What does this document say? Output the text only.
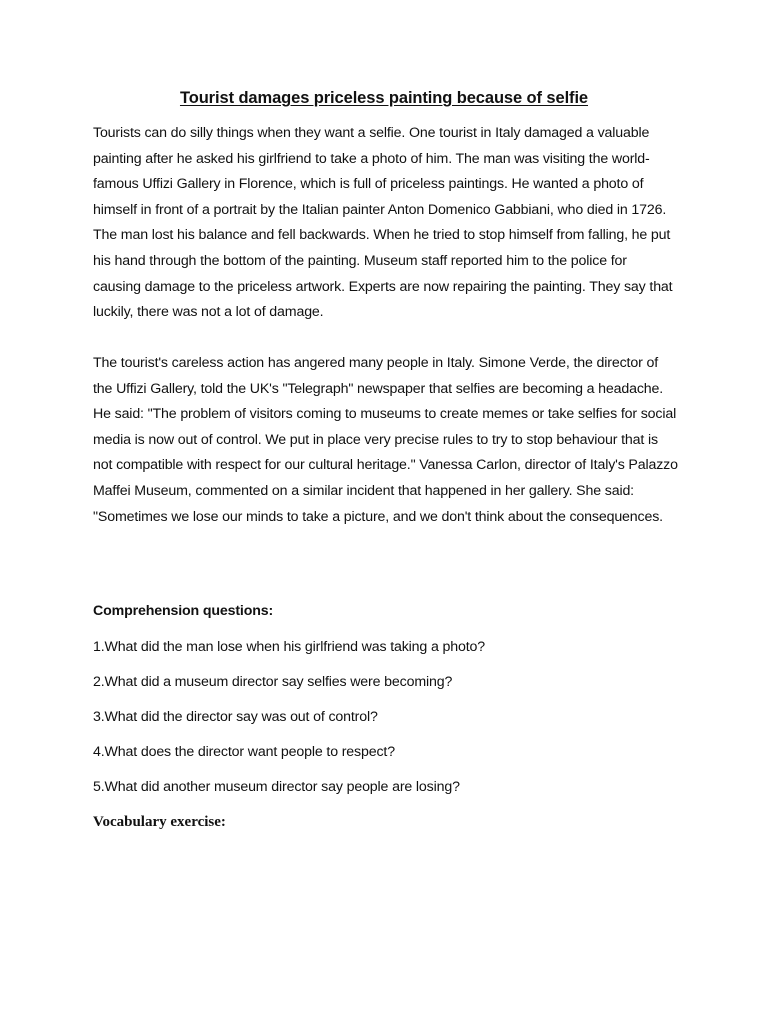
Tourist damages priceless painting because of selfie

Tourists can do silly things when they want a selfie. One tourist in Italy damaged a valuable painting after he asked his girlfriend to take a photo of him. The man was visiting the world-famous Uffizi Gallery in Florence, which is full of priceless paintings. He wanted a photo of himself in front of a portrait by the Italian painter Anton Domenico Gabbiani, who died in 1726. The man lost his balance and fell backwards. When he tried to stop himself from falling, he put his hand through the bottom of the painting. Museum staff reported him to the police for causing damage to the priceless artwork. Experts are now repairing the painting. They say that luckily, there was not a lot of damage.

The tourist's careless action has angered many people in Italy. Simone Verde, the director of the Uffizi Gallery, told the UK's "Telegraph" newspaper that selfies are becoming a headache. He said: "The problem of visitors coming to museums to create memes or take selfies for social media is now out of control. We put in place very precise rules to try to stop behaviour that is not compatible with respect for our cultural heritage." Vanessa Carlon, director of Italy's Palazzo Maffei Museum, commented on a similar incident that happened in her gallery. She said: "Sometimes we lose our minds to take a picture, and we don't think about the consequences.

Comprehension questions:

1.What did the man lose when his girlfriend was taking a photo?
2.What did a museum director say selfies were becoming?
3.What did the director say was out of control?
4.What does the director want people to respect?
5.What did another museum director say people are losing?

Vocabulary exercise:
